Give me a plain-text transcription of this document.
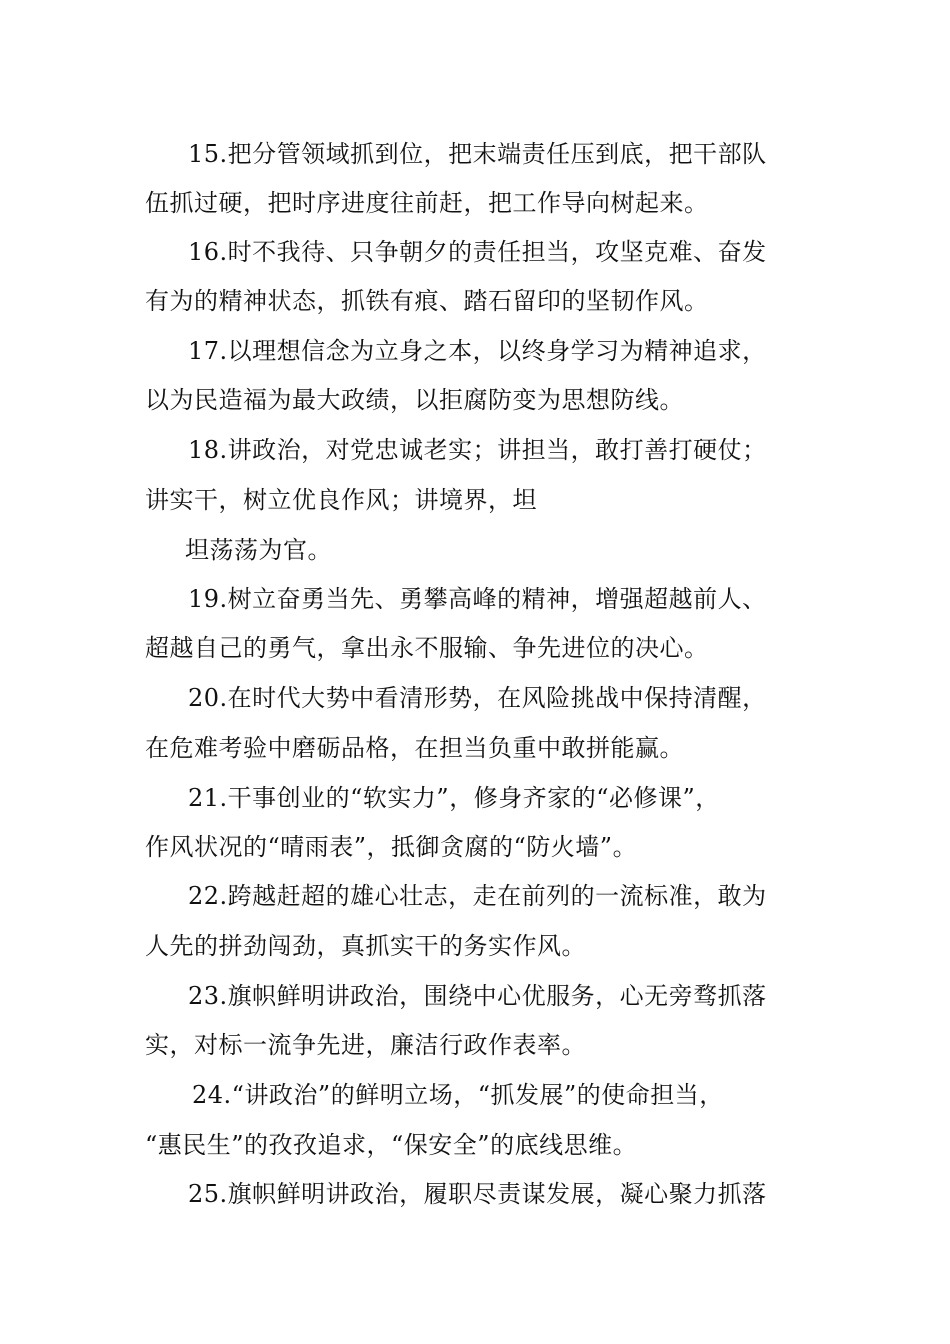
15.把分管领域抓到位，把末端责任压到底，把干部队
伍抓过硬，把时序进度往前赶，把工作导向树起来。
16.时不我待、只争朝夕的责任担当，攻坚克难、奋发
有为的精神状态，抓铁有痕、踏石留印的坚韧作风。
17.以理想信念为立身之本，以终身学习为精神追求，
以为民造福为最大政绩，以拒腐防变为思想防线。
18.讲政治，对党忠诚老实；讲担当，敢打善打硬仗；
讲实干，树立优良作风；讲境界，坦
坦荡荡为官。
19.树立奋勇当先、勇攀高峰的精神，增强超越前人、
超越自己的勇气，拿出永不服输、争先进位的决心。
20.在时代大势中看清形势，在风险挑战中保持清醒，
在危难考验中磨砺品格，在担当负重中敢拼能赢。
21.干事创业的“软实力”，修身齐家的“必修课”，
作风状况的“晴雨表”，抵御贪腐的“防火墙”。
22.跨越赶超的雄心壮志，走在前列的一流标准，敢为
人先的拼劲闯劲，真抓实干的务实作风。
23.旗帜鲜明讲政治，围绕中心优服务，心无旁骛抓落
实，对标一流争先进，廉洁行政作表率。
24.“讲政治”的鲜明立场，“抓发展”的使命担当，
“惠民生”的孜孜追求，“保安全”的底线思维。
25.旗帜鲜明讲政治，履职尽责谋发展，凝心聚力抓落
